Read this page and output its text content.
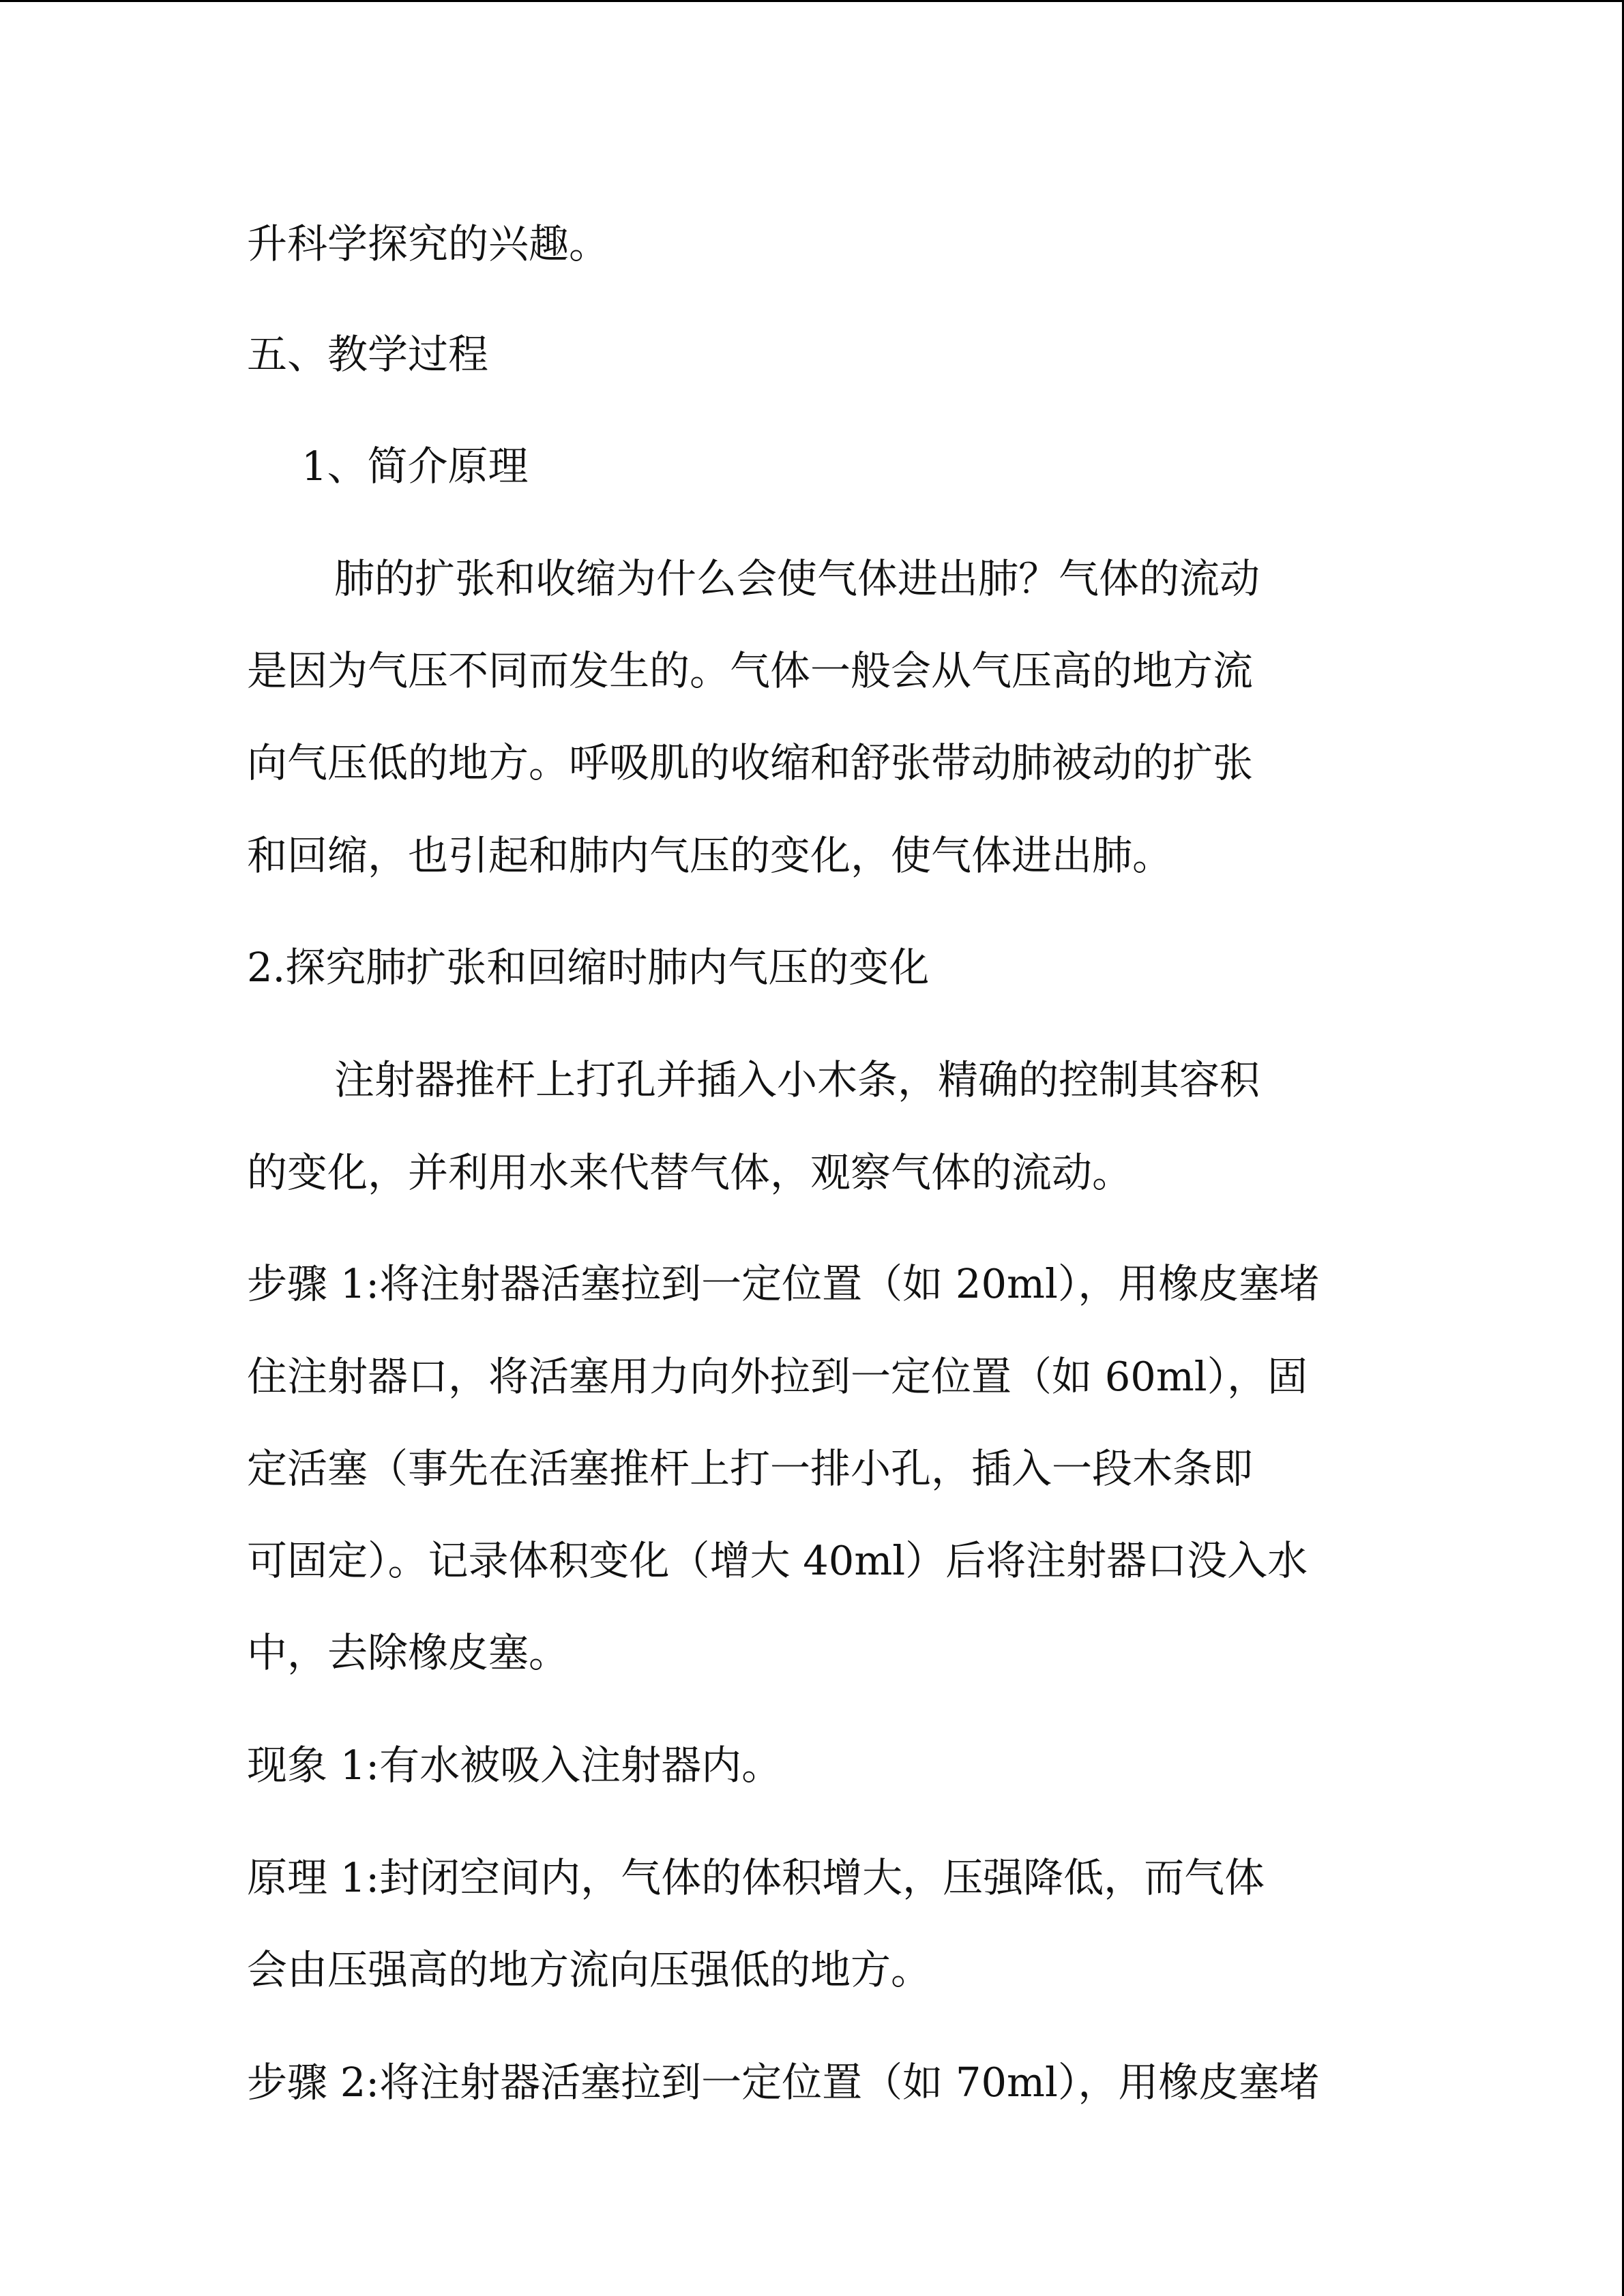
升科学探究的兴趣。
五、教学过程
1、简介原理
肺的扩张和收缩为什么会使气体进出肺？气体的流动
是因为气压不同而发生的。气体一般会从气压高的地方流
向气压低的地方。呼吸肌的收缩和舒张带动肺被动的扩张
和回缩，也引起和肺内气压的变化，使气体进出肺。
2.探究肺扩张和回缩时肺内气压的变化
注射器推杆上打孔并插入小木条，精确的控制其容积
的变化，并利用水来代替气体，观察气体的流动。
步骤 1:将注射器活塞拉到一定位置（如 20ml），用橡皮塞堵
住注射器口，将活塞用力向外拉到一定位置（如 60ml），固
定活塞（事先在活塞推杆上打一排小孔，插入一段木条即
可固定）。记录体积变化（增大 40ml）后将注射器口没入水
中，去除橡皮塞。
现象 1:有水被吸入注射器内。
原理 1:封闭空间内，气体的体积增大，压强降低，而气体
会由压强高的地方流向压强低的地方。
步骤 2:将注射器活塞拉到一定位置（如 70ml），用橡皮塞堵
